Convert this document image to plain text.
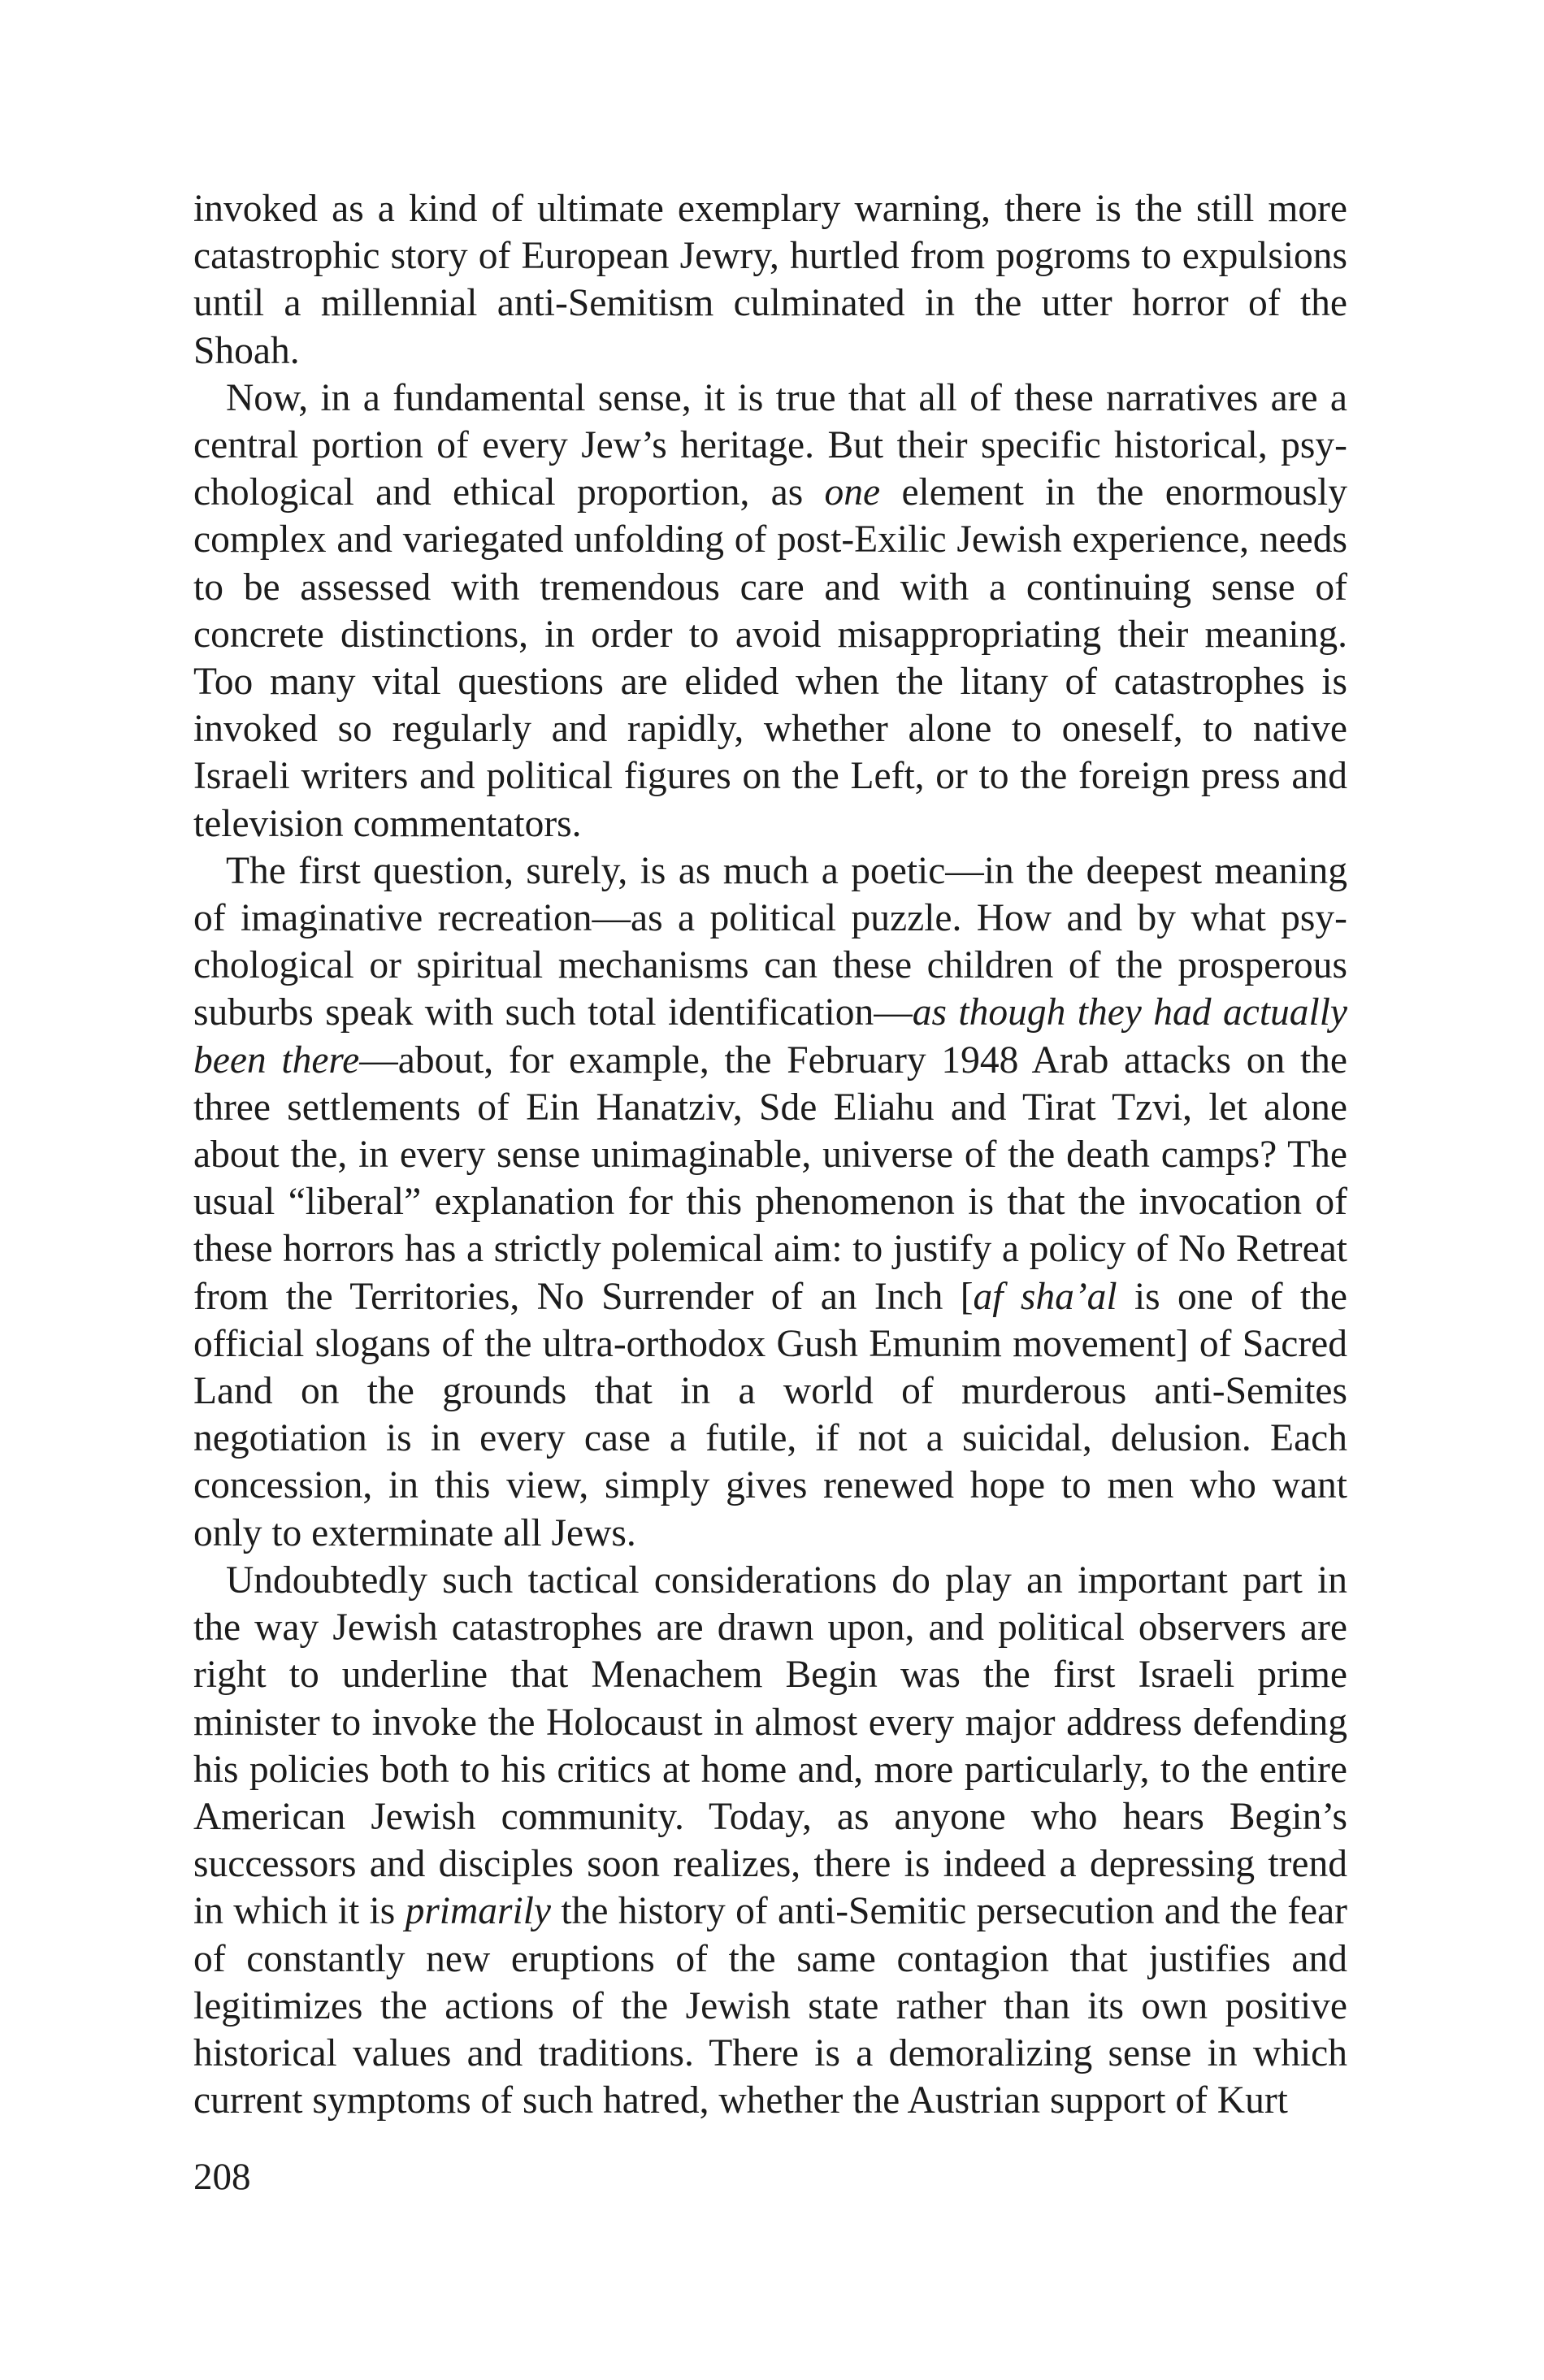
invoked as a kind of ultimate exemplary warning, there is the still more catastrophic story of European Jewry, hurtled from pogroms to expulsions until a millennial anti-Semitism culminated in the utter horror of the Shoah.

Now, in a fundamental sense, it is true that all of these narratives are a central portion of every Jew’s heritage. But their specific historical, psychological and ethical proportion, as one element in the enormously complex and variegated unfolding of post-Exilic Jewish experience, needs to be assessed with tremendous care and with a continuing sense of concrete distinctions, in order to avoid misappropriating their meaning. Too many vital questions are elided when the litany of catastrophes is invoked so regularly and rapidly, whether alone to oneself, to native Israeli writers and political figures on the Left, or to the foreign press and television commentators.

The first question, surely, is as much a poetic—in the deepest meaning of imaginative recreation—as a political puzzle. How and by what psychological or spiritual mechanisms can these children of the prosperous suburbs speak with such total identification—as though they had actually been there—about, for example, the February 1948 Arab attacks on the three settlements of Ein Hanatziv, Sde Eliahu and Tirat Tzvi, let alone about the, in every sense unimaginable, universe of the death camps? The usual “liberal” explanation for this phenomenon is that the invocation of these horrors has a strictly polemical aim: to justify a policy of No Retreat from the Territories, No Surrender of an Inch [af sha’al is one of the official slogans of the ultra-orthodox Gush Emunim movement] of Sacred Land on the grounds that in a world of murderous anti-Semites negotiation is in every case a futile, if not a suicidal, delusion. Each concession, in this view, simply gives renewed hope to men who want only to exterminate all Jews.

Undoubtedly such tactical considerations do play an important part in the way Jewish catastrophes are drawn upon, and political observers are right to underline that Menachem Begin was the first Israeli prime minister to invoke the Holocaust in almost every major address defending his policies both to his critics at home and, more particularly, to the entire American Jewish community. Today, as anyone who hears Begin’s successors and disciples soon realizes, there is indeed a depressing trend in which it is primarily the history of anti-Semitic persecution and the fear of constantly new eruptions of the same contagion that justifies and legitimizes the actions of the Jewish state rather than its own positive historical values and traditions. There is a demoralizing sense in which current symptoms of such hatred, whether the Austrian support of Kurt

208
